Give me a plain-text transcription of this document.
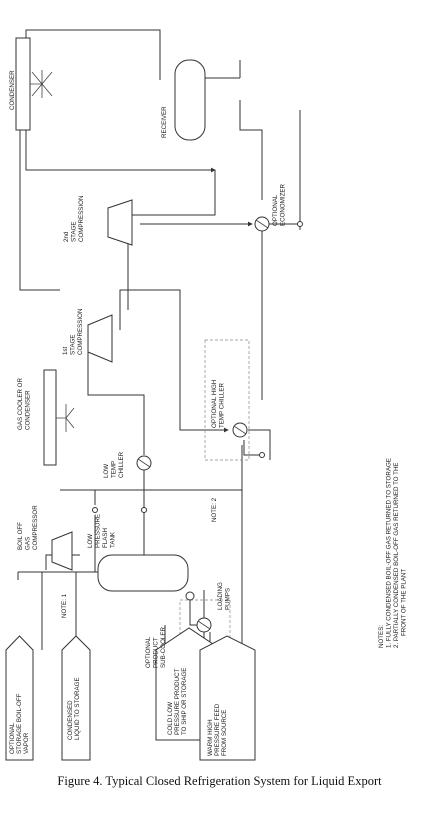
CONDENSER
RECEIVER
OPTIONAL ECONOMIZER
2nd STAGE COMPRESSION
1st STAGE COMPRESSION
OPTIONAL HIGH TEMP CHILLER
GAS COOLER OR CONDENSER
LOW TEMP CHILLER
NOTE: 2
BOIL OFF GAS COMPRESSOR	LOW PRESSURE FLASH TANK
NOTE: 1	LOADING PUMPS
OPTIONAL PRODUCT SUB-COOLER
OPTIONAL STORAGE BOIL-OFF VAPOR
CONDENSED LIQUID TO STORAGE	COLD LOW PRESSURE PRODUCT TO SHIP OR STORAGE
WARM HIGH PRESSURE FEED FROM SOURCE
NOTES: 1. FULLY CONDENSED BOIL-OFF GAS RETURNED TO STORAGE 2. PARTIALLY CONDENSED BOIL-OFF GAS RETURNED TO THE FRONT OF THE PLANT

Figure 4. Typical Closed Refrigeration System for Liquid Export
